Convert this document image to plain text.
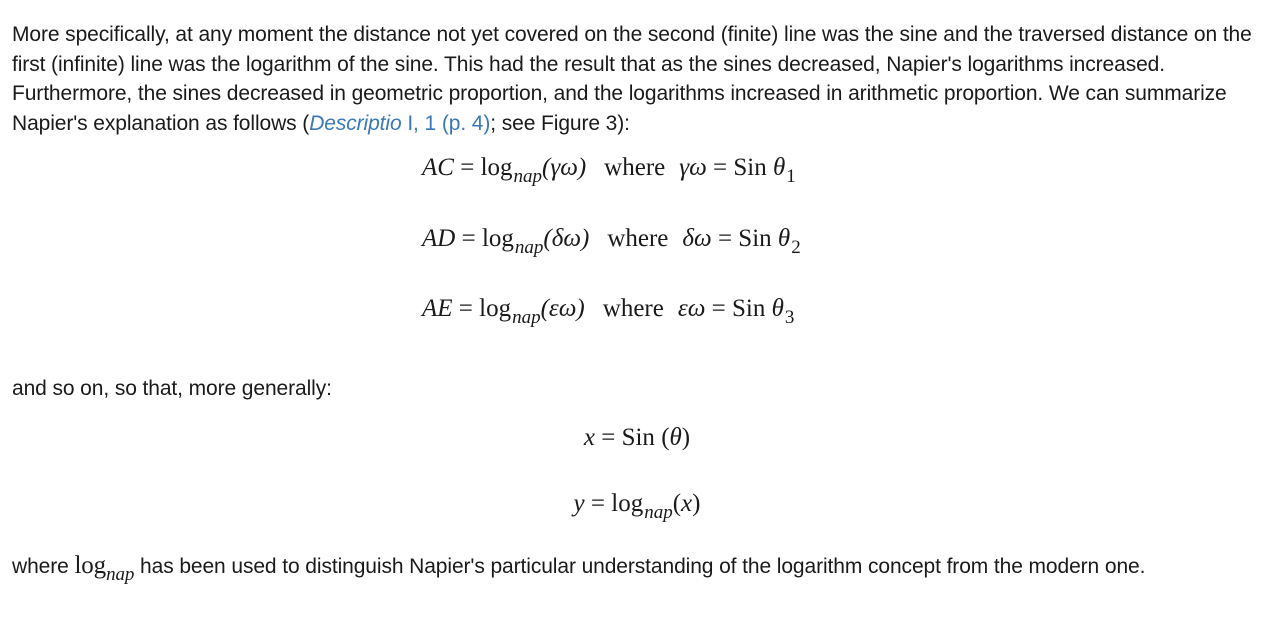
More specifically, at any moment the distance not yet covered on the second (finite) line was the sine and the traversed distance on the first (infinite) line was the logarithm of the sine. This had the result that as the sines decreased, Napier's logarithms increased. Furthermore, the sines decreased in geometric proportion, and the logarithms increased in arithmetic proportion. We can summarize Napier's explanation as follows (Descriptio I, 1 (p. 4); see Figure 3):

AC = $\log_{nap}(\gamma\omega)$ where γω = Sin $\theta_1$
AD = $\log_{nap}(\delta\omega)$ where δω = Sin $\theta_2$
AE = $\log_{nap}(\varepsilon\omega)$ where εω = Sin $\theta_3$

and so on, so that, more generally:

x = Sin (θ)
$y = \log_{nap}(x)$

where $\log_{nap}$ has been used to distinguish Napier's particular understanding of the logarithm concept from the modern one.
